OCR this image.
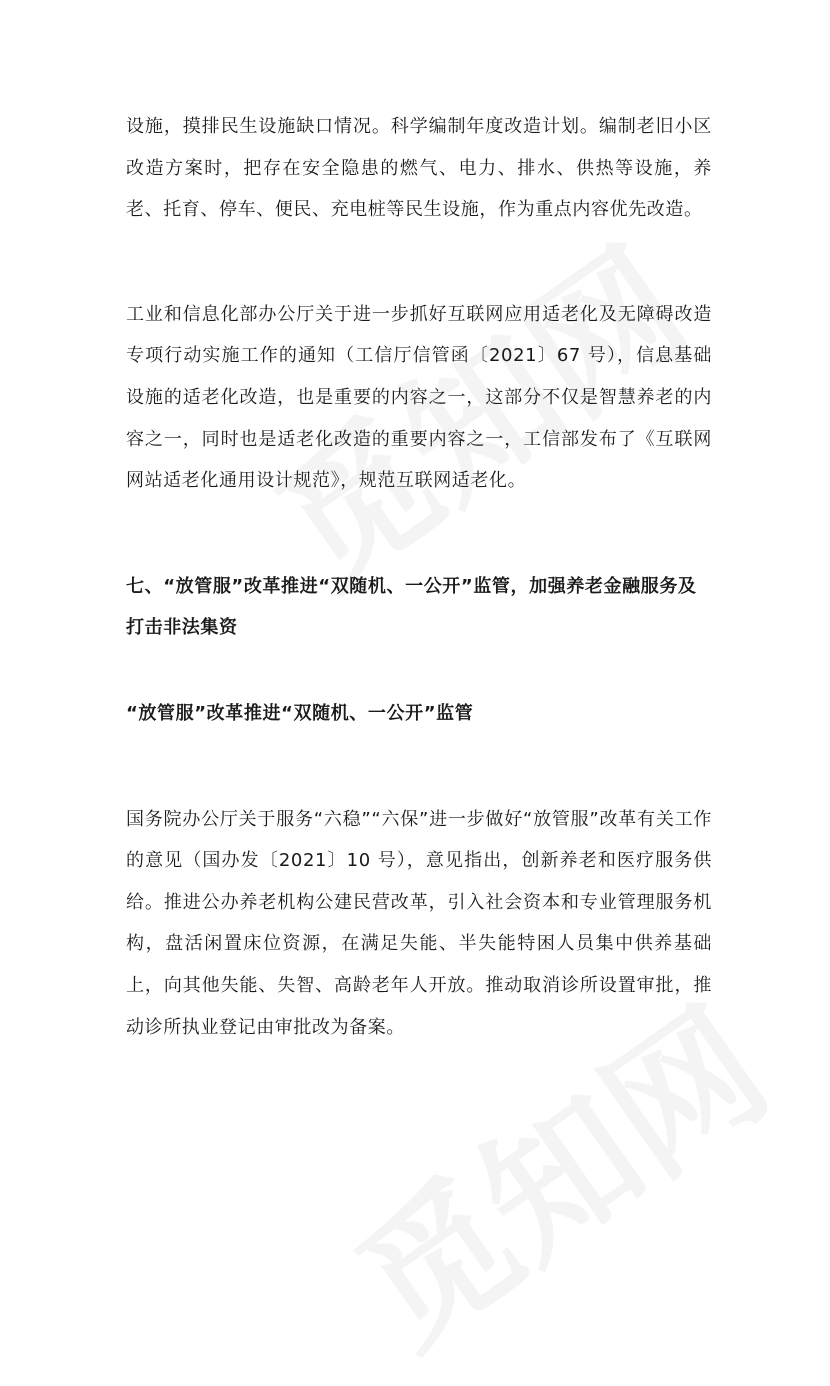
设施，摸排民生设施缺口情况。科学编制年度改造计划。编制老旧小区改造方案时，把存在安全隐患的燃气、电力、排水、供热等设施，养老、托育、停车、便民、充电桩等民生设施，作为重点内容优先改造。

工业和信息化部办公厅关于进一步抓好互联网应用适老化及无障碍改造专项行动实施工作的通知（工信厅信管函〔2021〕67 号），信息基础设施的适老化改造，也是重要的内容之一，这部分不仅是智慧养老的内容之一，同时也是适老化改造的重要内容之一，工信部发布了《互联网网站适老化通用设计规范》，规范互联网适老化。

七、“放管服”改革推进“双随机、一公开”监管，加强养老金融服务及打击非法集资

“放管服”改革推进“双随机、一公开”监管

国务院办公厅关于服务“六稳”“六保”进一步做好“放管服”改革有关工作的意见（国办发〔2021〕10 号），意见指出，创新养老和医疗服务供给。推进公办养老机构公建民营改革，引入社会资本和专业管理服务机构，盘活闲置床位资源，在满足失能、半失能特困人员集中供养基础上，向其他失能、失智、高龄老年人开放。推动取消诊所设置审批，推动诊所执业登记由审批改为备案。
